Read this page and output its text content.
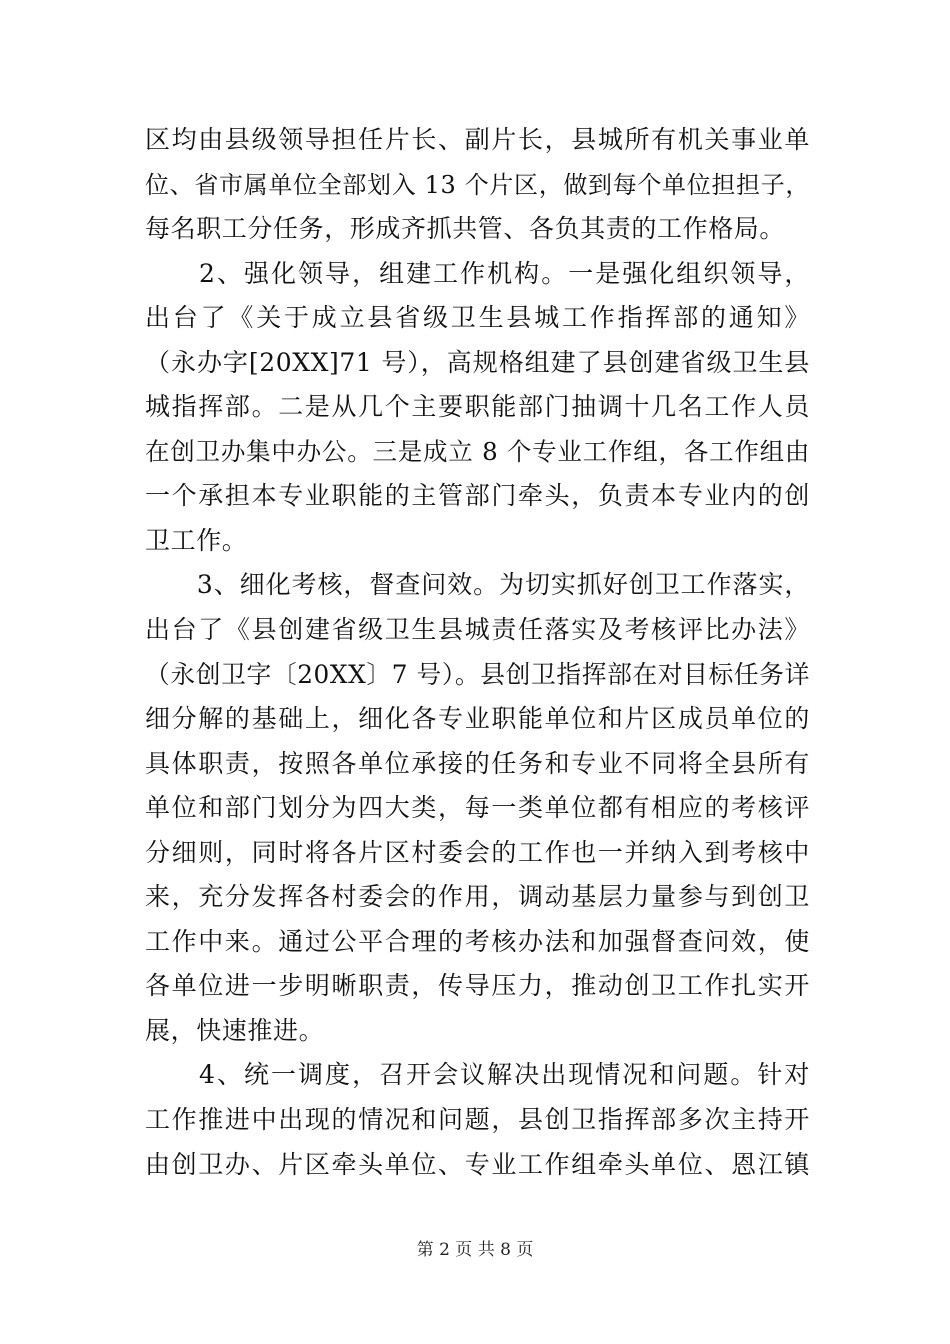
区均由县级领导担任片长、副片长，县城所有机关事业单
位、省市属单位全部划入 13 个片区，做到每个单位担担子，
每名职工分任务，形成齐抓共管、各负其责的工作格局。
　　2、强化领导，组建工作机构。一是强化组织领导，
出台了《关于成立县省级卫生县城工作指挥部的通知》
（永办字[20XX]71 号），高规格组建了县创建省级卫生县
城指挥部。二是从几个主要职能部门抽调十几名工作人员
在创卫办集中办公。三是成立 8 个专业工作组，各工作组由
一个承担本专业职能的主管部门牵头，负责本专业内的创
卫工作。
　　3、细化考核，督查问效。为切实抓好创卫工作落实，
出台了《县创建省级卫生县城责任落实及考核评比办法》
（永创卫字〔20XX〕7 号）。县创卫指挥部在对目标任务详
细分解的基础上，细化各专业职能单位和片区成员单位的
具体职责，按照各单位承接的任务和专业不同将全县所有
单位和部门划分为四大类，每一类单位都有相应的考核评
分细则，同时将各片区村委会的工作也一并纳入到考核中
来，充分发挥各村委会的作用，调动基层力量参与到创卫
工作中来。通过公平合理的考核办法和加强督查问效，使
各单位进一步明晰职责，传导压力，推动创卫工作扎实开
展，快速推进。
　　4、统一调度，召开会议解决出现情况和问题。针对
工作推进中出现的情况和问题，县创卫指挥部多次主持开
由创卫办、片区牵头单位、专业工作组牵头单位、恩江镇
第 2 页 共 8 页
